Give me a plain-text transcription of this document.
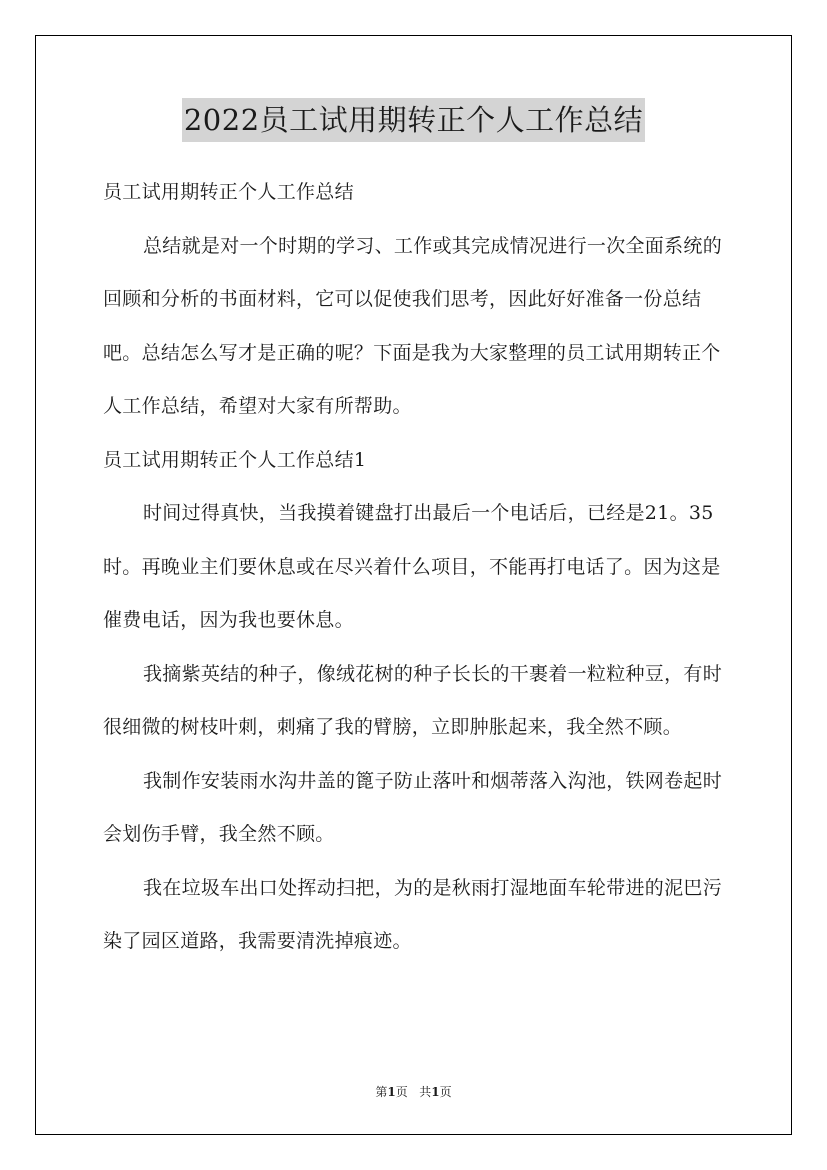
2022员工试用期转正个人工作总结

员工试用期转正个人工作总结

总结就是对一个时期的学习、工作或其完成情况进行一次全面系统的回顾和分析的书面材料，它可以促使我们思考，因此好好准备一份总结吧。总结怎么写才是正确的呢？下面是我为大家整理的员工试用期转正个人工作总结，希望对大家有所帮助。

员工试用期转正个人工作总结1

时间过得真快，当我摸着键盘打出最后一个电话后，已经是21。35时。再晚业主们要休息或在尽兴着什么项目，不能再打电话了。因为这是催费电话，因为我也要休息。

我摘紫英结的种子，像绒花树的种子长长的干裹着一粒粒种豆，有时很细微的树枝叶刺，刺痛了我的臂膀，立即肿胀起来，我全然不顾。

我制作安装雨水沟井盖的篦子防止落叶和烟蒂落入沟池，铁网卷起时会划伤手臂，我全然不顾。

我在垃圾车出口处挥动扫把，为的是秋雨打湿地面车轮带进的泥巴污染了园区道路，我需要清洗掉痕迹。

第1页 共1页
